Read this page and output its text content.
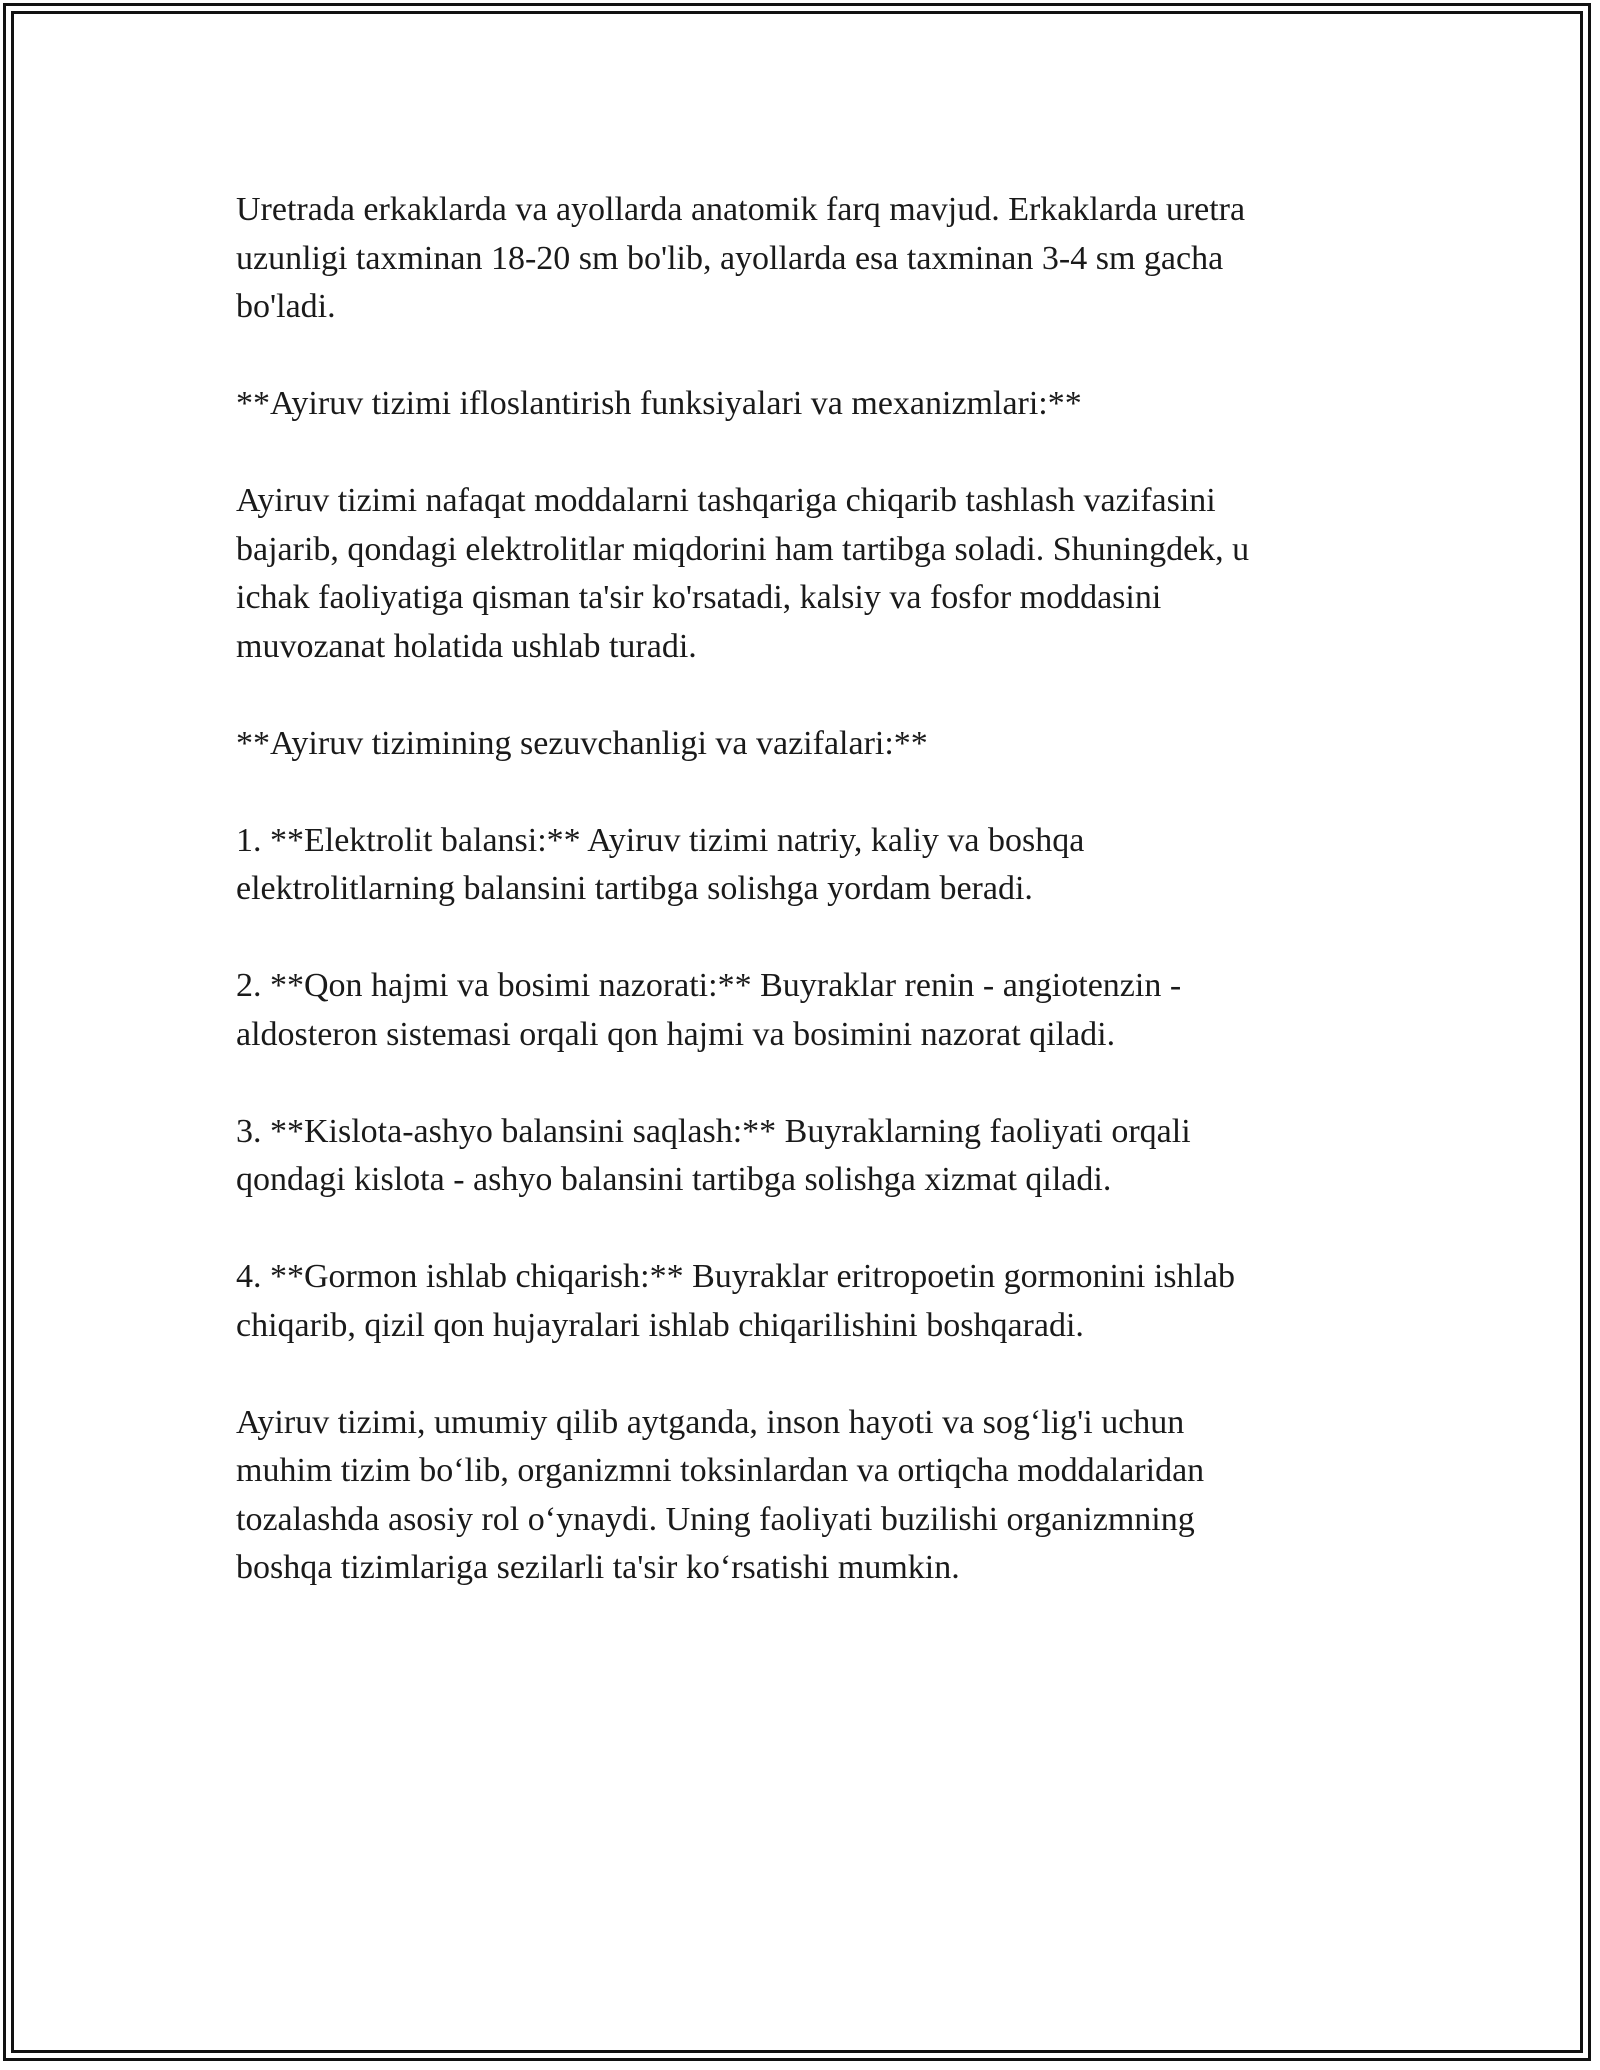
Uretrada erkaklarda va ayollarda anatomik farq mavjud. Erkaklarda uretra
uzunligi taxminan 18-20 sm bo'lib, ayollarda esa taxminan 3-4 sm gacha
bo'ladi.

**Ayiruv tizimi ifloslantirish funksiyalari va mexanizmlari:**

Ayiruv tizimi nafaqat moddalarni tashqariga chiqarib tashlash vazifasini
bajarib, qondagi elektrolitlar miqdorini ham tartibga soladi. Shuningdek, u
ichak faoliyatiga qisman ta'sir ko'rsatadi, kalsiy va fosfor moddasini
muvozanat holatida ushlab turadi.

**Ayiruv tizimining sezuvchanligi va vazifalari:**

1. **Elektrolit balansi:** Ayiruv tizimi natriy, kaliy va boshqa
elektrolitlarning balansini tartibga solishga yordam beradi.

2. **Qon hajmi va bosimi nazorati:** Buyraklar renin - angiotenzin -
aldosteron sistemasi orqali qon hajmi va bosimini nazorat qiladi.

3. **Kislota-ashyo balansini saqlash:** Buyraklarning faoliyati orqali
qondagi kislota - ashyo balansini tartibga solishga xizmat qiladi.

4. **Gormon ishlab chiqarish:** Buyraklar eritropoetin gormonini ishlab
chiqarib, qizil qon hujayralari ishlab chiqarilishini boshqaradi.

Ayiruv tizimi, umumiy qilib aytganda, inson hayoti va sog‘lig'i uchun
muhim tizim bo‘lib, organizmni toksinlardan va ortiqcha moddalaridan
tozalashda asosiy rol o‘ynaydi. Uning faoliyati buzilishi organizmning
boshqa tizimlariga sezilarli ta'sir ko‘rsatishi mumkin.
